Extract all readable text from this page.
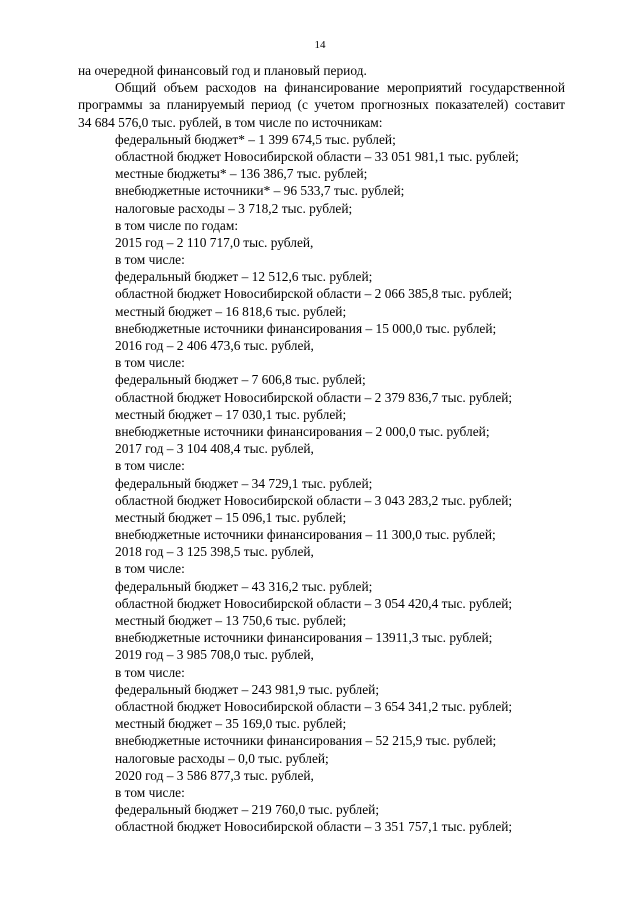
14
на очередной финансовый год и плановый период.
Общий объем расходов на финансирование мероприятий государственной
программы за планируемый период (с учетом прогнозных показателей) составит
34 684 576,0 тыс. рублей, в том числе по источникам:
федеральный бюджет* – 1 399 674,5 тыс. рублей;
областной бюджет Новосибирской области – 33 051 981,1 тыс. рублей;
местные бюджеты* – 136 386,7 тыс. рублей;
внебюджетные источники* – 96 533,7 тыс. рублей;
налоговые расходы – 3 718,2 тыс. рублей;
в том числе по годам:
2015 год – 2 110 717,0 тыс. рублей,
в том числе:
федеральный бюджет – 12 512,6 тыс. рублей;
областной бюджет Новосибирской области – 2 066 385,8 тыс. рублей;
местный бюджет – 16 818,6 тыс. рублей;
внебюджетные источники финансирования – 15 000,0 тыс. рублей;
2016 год – 2 406 473,6 тыс. рублей,
в том числе:
федеральный бюджет – 7 606,8 тыс. рублей;
областной бюджет Новосибирской области – 2 379 836,7 тыс. рублей;
местный бюджет – 17 030,1 тыс. рублей;
внебюджетные источники финансирования – 2 000,0 тыс. рублей;
2017 год – 3 104 408,4 тыс. рублей,
в том числе:
федеральный бюджет – 34 729,1 тыс. рублей;
областной бюджет Новосибирской области – 3 043 283,2 тыс. рублей;
местный бюджет – 15 096,1 тыс. рублей;
внебюджетные источники финансирования – 11 300,0 тыс. рублей;
2018 год – 3 125 398,5 тыс. рублей,
в том числе:
федеральный бюджет – 43 316,2 тыс. рублей;
областной бюджет Новосибирской области – 3 054 420,4 тыс. рублей;
местный бюджет – 13 750,6 тыс. рублей;
внебюджетные источники финансирования – 13911,3 тыс. рублей;
2019 год – 3 985 708,0 тыс. рублей,
в том числе:
федеральный бюджет – 243 981,9 тыс. рублей;
областной бюджет Новосибирской области – 3 654 341,2 тыс. рублей;
местный бюджет – 35 169,0 тыс. рублей;
внебюджетные источники финансирования – 52 215,9 тыс. рублей;
налоговые расходы – 0,0 тыс. рублей;
2020 год – 3 586 877,3 тыс. рублей,
в том числе:
федеральный бюджет – 219 760,0 тыс. рублей;
областной бюджет Новосибирской области – 3 351 757,1 тыс. рублей;
